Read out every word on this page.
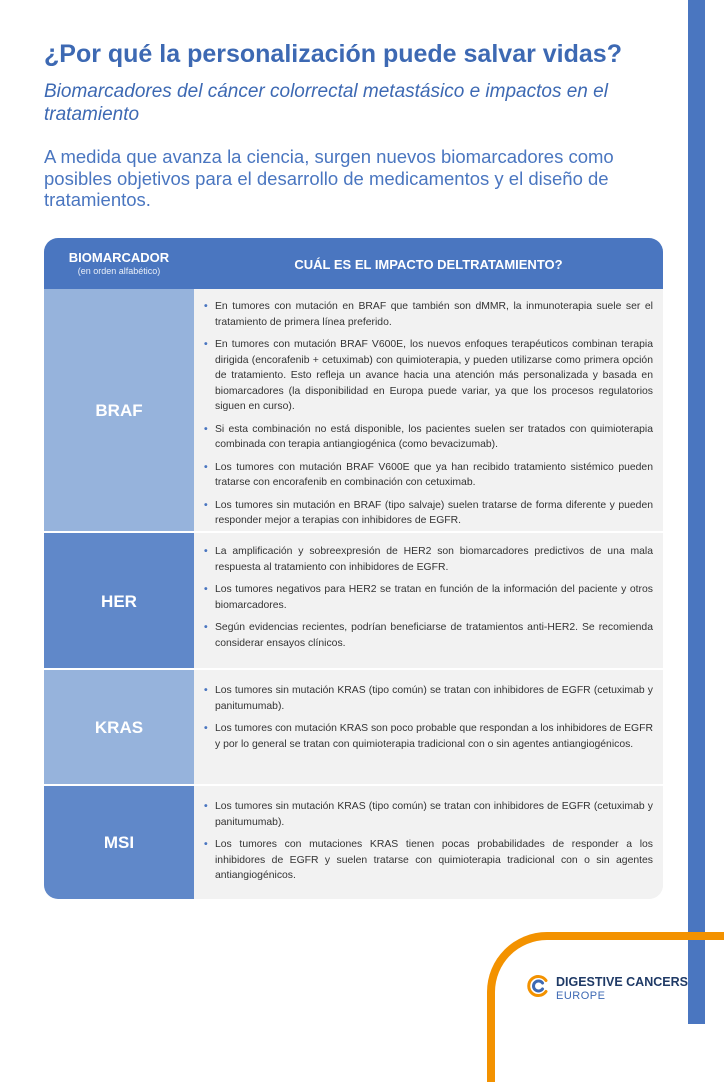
¿Por qué la personalización puede salvar vidas?

Biomarcadores del cáncer colorrectal metastásico e impactos en el tratamiento

A medida que avanza la ciencia, surgen nuevos biomarcadores como posibles objetivos para el desarrollo de medicamentos y el diseño de tratamientos.

BIOMARCADOR
(en orden alfabético)	CUÁL ES EL IMPACTO DELTRATAMIENTO?
BRAF
• En tumores con mutación en BRAF que también son dMMR, la inmunoterapia suele ser el tratamiento de primera línea preferido.
• En tumores con mutación BRAF V600E, los nuevos enfoques terapéuticos combinan terapia dirigida (encorafenib + cetuximab) con quimioterapia, y pueden utilizarse como primera opción de tratamiento. Esto refleja un avance hacia una atención más personalizada y basada en biomarcadores (la disponibilidad en Europa puede variar, ya que los procesos regulatorios siguen en curso).
• Si esta combinación no está disponible, los pacientes suelen ser tratados con quimioterapia combinada con terapia antiangiogénica (como bevacizumab).
• Los tumores con mutación BRAF V600E que ya han recibido tratamiento sistémico pueden tratarse con encorafenib en combinación con cetuximab.
• Los tumores sin mutación en BRAF (tipo salvaje) suelen tratarse de forma diferente y pueden responder mejor a terapias con inhibidores de EGFR.
HER
• La amplificación y sobreexpresión de HER2 son biomarcadores predictivos de una mala respuesta al tratamiento con inhibidores de EGFR.
• Los tumores negativos para HER2 se tratan en función de la información del paciente y otros biomarcadores.
• Según evidencias recientes, podrían beneficiarse de tratamientos anti-HER2. Se recomienda considerar ensayos clínicos.
KRAS
• Los tumores sin mutación KRAS (tipo común) se tratan con inhibidores de EGFR (cetuximab y panitumumab).
• Los tumores con mutación KRAS son poco probable que respondan a los inhibidores de EGFR y por lo general se tratan con quimioterapia tradicional con o sin agentes antiangiogénicos.
MSI
• Los tumores sin mutación KRAS (tipo común) se tratan con inhibidores de EGFR (cetuximab y panitumumab).
• Los tumores con mutaciones KRAS tienen pocas probabilidades de responder a los inhibidores de EGFR y suelen tratarse con quimioterapia tradicional con o sin agentes antiangiogénicos.
DIGESTIVE CANCERS
EUROPE
